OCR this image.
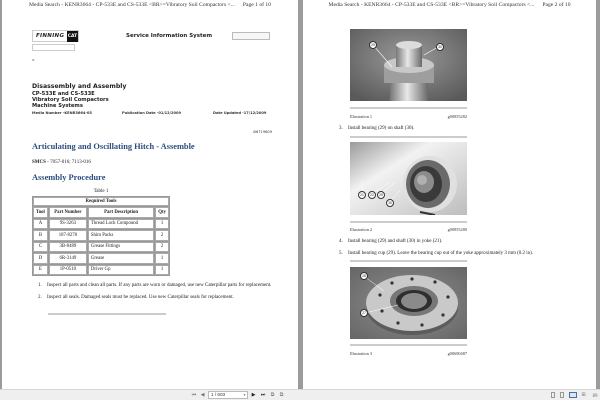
Media Search - KENR3664 - CP-533E and CS-533E <BR>=Vibratory Soil Compactors <... Page 1 of 10
FINNING CAT
«
Service Information System
Disassembly and Assembly
CP-533E and CS-533E
Vibratory Soil Compactors
Machine Systems
Media Number -KENR3664-05	Publication Date -01/12/2009	Date Updated -17/12/2009
i06719609
Articulating and Oscillating Hitch - Assemble
SMCS - 7057-016; 7113-016
Assembly Procedure
Table 1
Required Tools			
Tool	Part Number	Part Description	Qty
A	9S-3263	Thread Lock Compound	1
B	187-8278	Shim Packs	2
C	3B-8489	Grease Fittings	2
D	6R-3149	Grease	1
E	1P-0510	Driver Gp	1
1.	Inspect all parts and clean all parts. If any parts are worn or damaged, use new Caterpillar parts for replacement.
2.	Inspect all seals. Damaged seals must be replaced. Use new Caterpillar seals for replacement.
Media Search - KENR3664 - CP-533E and CS-533E <BR>=Vibratory Soil Compactors <... Page 2 of 10
29	30
Illustration 1	g00855282
3. Install bearing (29) on shaft (30).
21	22	29
30
Illustration 2	g00855280
4. Install bearing (29) and shaft (30) in yoke (21).
5. Install bearing cup (29). Leave the bearing cup out of the yoke approximately 3 mm (0.2 in).
28
27
Illustration 3	g00690487
⏮ ◀	1 / 603	▼	▶	⏭	⧉	⧉	⊞	89
